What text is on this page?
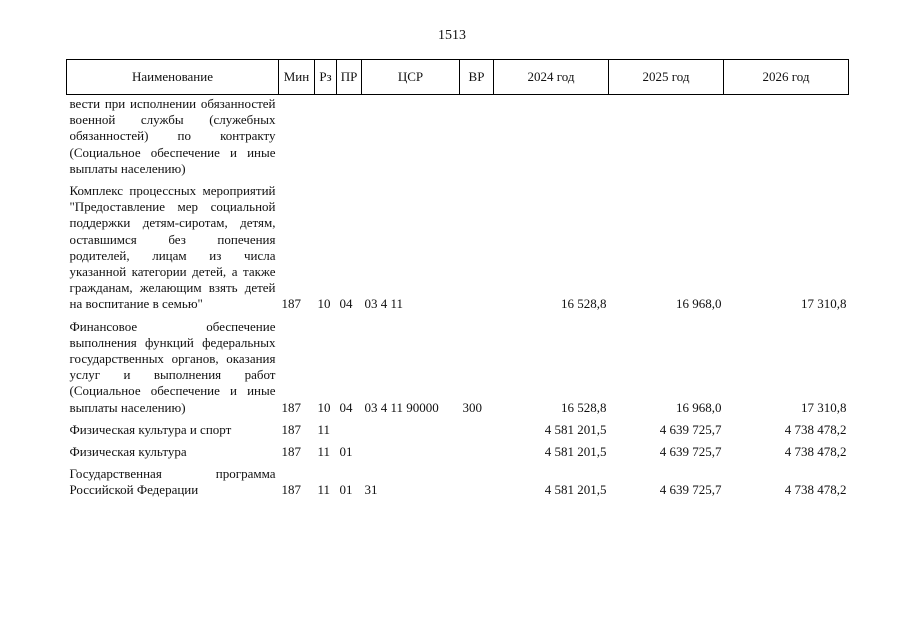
1513
Наименование	Мин	Рз	ПР	ЦСР	ВР	2024 год	2025 год	2026 год
вести при исполнении обязанностей военной службы (служебных обязанностей) по контракту (Социальное обеспечение и иные выплаты населению)								
Комплекс процессных мероприятий "Предоставление мер социальной поддержки детям-сиротам, детям, оставшимся без попечения родителей, лицам из числа указанной категории детей, а также гражданам, желающим взять детей на воспитание в семью"	187	10	04	03 4 11		16 528,8	16 968,0	17 310,8
Финансовое обеспечение выполнения функций федеральных государственных органов, оказания услуг и выполнения работ (Социальное обеспечение и иные выплаты населению)	187	10	04	03 4 11 90000	300	16 528,8	16 968,0	17 310,8
Физическая культура и спорт	187	11				4 581 201,5	4 639 725,7	4 738 478,2
Физическая культура	187	11	01			4 581 201,5	4 639 725,7	4 738 478,2
Государственная программа Российской Федерации	187	11	01	31		4 581 201,5	4 639 725,7	4 738 478,2
